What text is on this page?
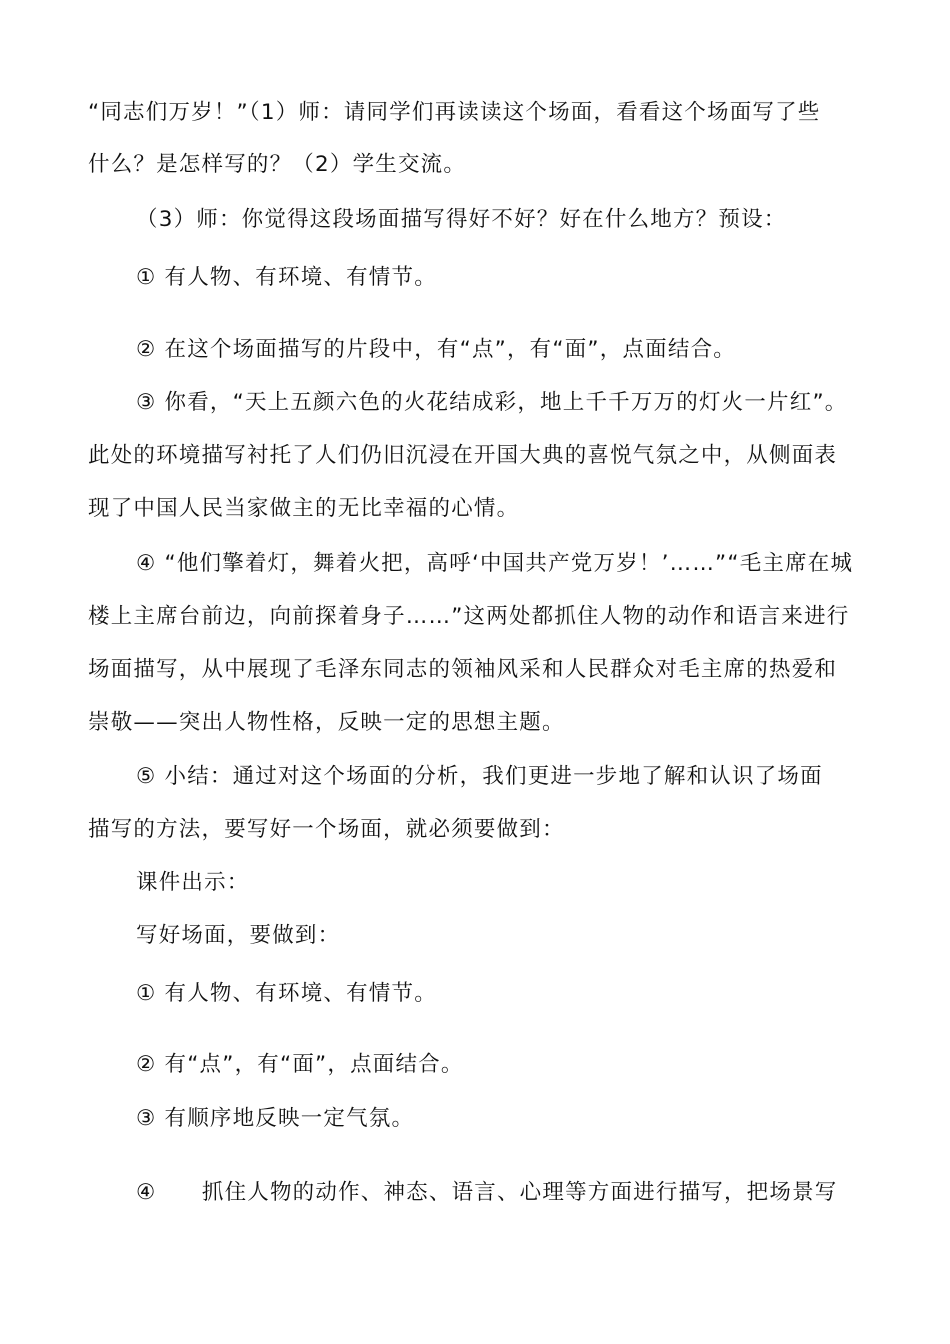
“同志们万岁！”（1）师：请同学们再读读这个场面，看看这个场面写了些
什么？是怎样写的？（2）学生交流。
（3）师：你觉得这段场面描写得好不好？好在什么地方？预设：
① 有人物、有环境、有情节。
② 在这个场面描写的片段中，有“点”，有“面”，点面结合。
③ 你看，“天上五颜六色的火花结成彩，地上千千万万的灯火一片红”。
此处的环境描写衬托了人们仍旧沉浸在开国大典的喜悦气氛之中，从侧面表
现了中国人民当家做主的无比幸福的心情。
④ “他们擎着灯，舞着火把，高呼‘中国共产党万岁！’……”“毛主席在城
楼上主席台前边，向前探着身子……”这两处都抓住人物的动作和语言来进行
场面描写，从中展现了毛泽东同志的领袖风采和人民群众对毛主席的热爱和
崇敬——突出人物性格，反映一定的思想主题。
⑤ 小结：通过对这个场面的分析，我们更进一步地了解和认识了场面
描写的方法，要写好一个场面，就必须要做到：
课件出示：
写好场面，要做到：
① 有人物、有环境、有情节。
② 有“点”，有“面”，点面结合。
③ 有顺序地反映一定气氛。
④　　抓住人物的动作、神态、语言、心理等方面进行描写，把场景写
